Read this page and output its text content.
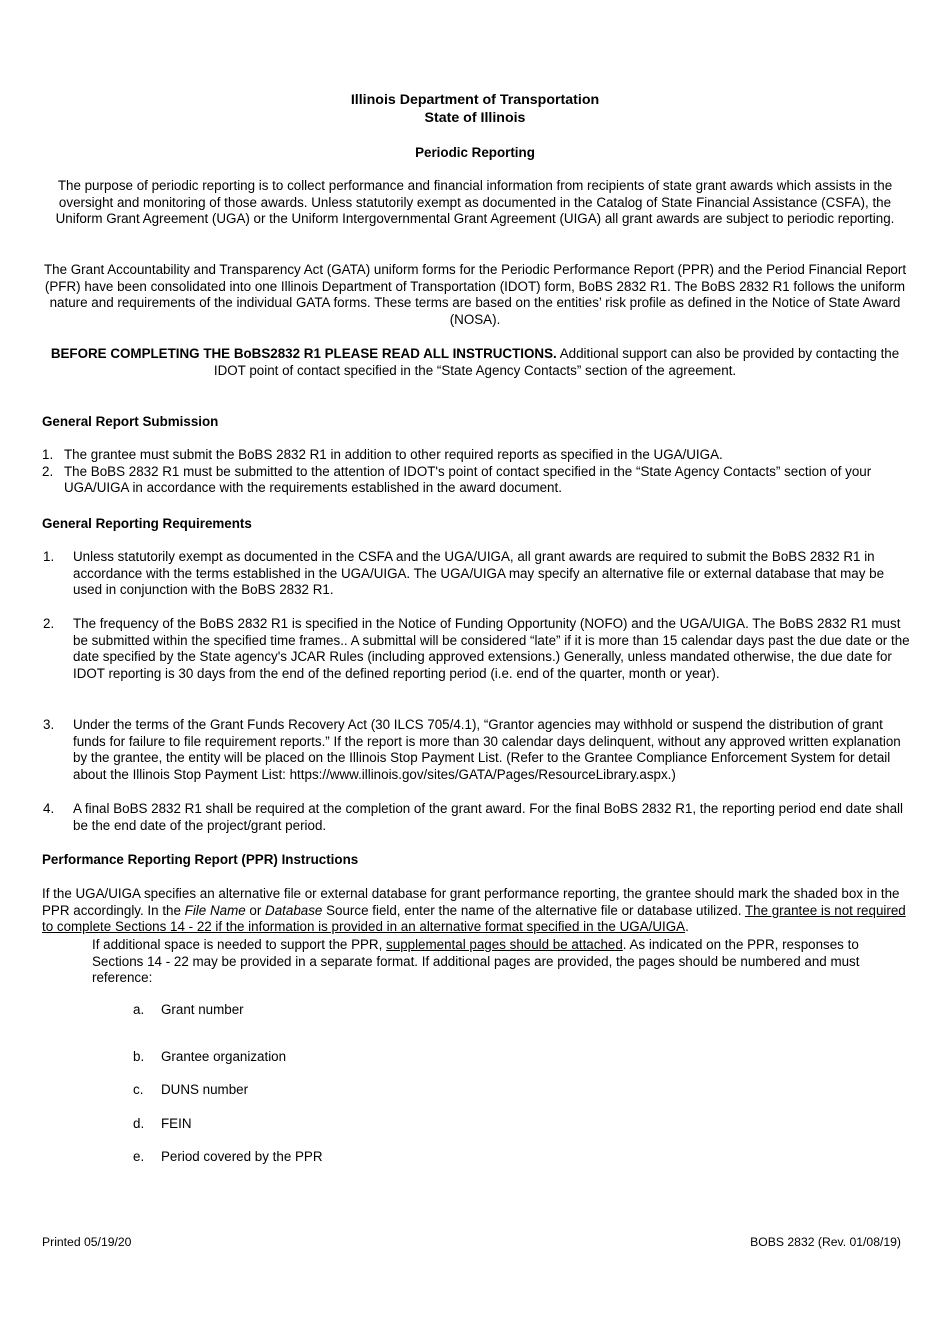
Illinois Department of Transportation
State of Illinois
Periodic Reporting
The purpose of periodic reporting is to collect performance and financial information from recipients of state grant awards which assists in the oversight and monitoring of those awards. Unless statutorily exempt as documented in the Catalog of State Financial Assistance (CSFA), the Uniform Grant Agreement (UGA) or the Uniform Intergovernmental Grant Agreement (UIGA) all grant awards are subject to periodic reporting.
The Grant Accountability and Transparency Act (GATA) uniform forms for the Periodic Performance Report (PPR) and the Period Financial Report (PFR) have been consolidated into one Illinois Department of Transportation (IDOT) form, BoBS 2832 R1. The BoBS 2832 R1 follows the uniform nature and requirements of the individual GATA forms. These terms are based on the entities’ risk profile as defined in the Notice of State Award (NOSA).
BEFORE COMPLETING THE BoBS2832 R1 PLEASE READ ALL INSTRUCTIONS. Additional support can also be provided by contacting the IDOT point of contact specified in the “State Agency Contacts” section of the agreement.
General Report Submission
1. The grantee must submit the BoBS 2832 R1 in addition to other required reports as specified in the UGA/UIGA.
2. The BoBS 2832 R1 must be submitted to the attention of IDOT's point of contact specified in the “State Agency Contacts” section of your UGA/UIGA in accordance with the requirements established in the award document.
General Reporting Requirements
1. Unless statutorily exempt as documented in the CSFA and the UGA/UIGA, all grant awards are required to submit the BoBS 2832 R1 in accordance with the terms established in the UGA/UIGA. The UGA/UIGA may specify an alternative file or external database that may be used in conjunction with the BoBS 2832 R1.
2. The frequency of the BoBS 2832 R1 is specified in the Notice of Funding Opportunity (NOFO) and the UGA/UIGA. The BoBS 2832 R1 must be submitted within the specified time frames.. A submittal will be considered “late” if it is more than 15 calendar days past the due date or the date specified by the State agency's JCAR Rules (including approved extensions.) Generally, unless mandated otherwise, the due date for IDOT reporting is 30 days from the end of the defined reporting period (i.e. end of the quarter, month or year).
3. Under the terms of the Grant Funds Recovery Act (30 ILCS 705/4.1), “Grantor agencies may withhold or suspend the distribution of grant funds for failure to file requirement reports.” If the report is more than 30 calendar days delinquent, without any approved written explanation by the grantee, the entity will be placed on the Illinois Stop Payment List. (Refer to the Grantee Compliance Enforcement System for detail about the Illinois Stop Payment List: https://www.illinois.gov/sites/GATA/Pages/ResourceLibrary.aspx.)
4. A final BoBS 2832 R1 shall be required at the completion of the grant award. For the final BoBS 2832 R1, the reporting period end date shall be the end date of the project/grant period.
Performance Reporting Report (PPR) Instructions
If the UGA/UIGA specifies an alternative file or external database for grant performance reporting, the grantee should mark the shaded box in the PPR accordingly. In the File Name or Database Source field, enter the name of the alternative file or database utilized. The grantee is not required to complete Sections 14 - 22 if the information is provided in an alternative format specified in the UGA/UIGA.
If additional space is needed to support the PPR, supplemental pages should be attached. As indicated on the PPR, responses to Sections 14 - 22 may be provided in a separate format. If additional pages are provided, the pages should be numbered and must reference:
a. Grant number
b. Grantee organization
c. DUNS number
d. FEIN
e. Period covered by the PPR
Printed 05/19/20	BOBS 2832 (Rev. 01/08/19)
